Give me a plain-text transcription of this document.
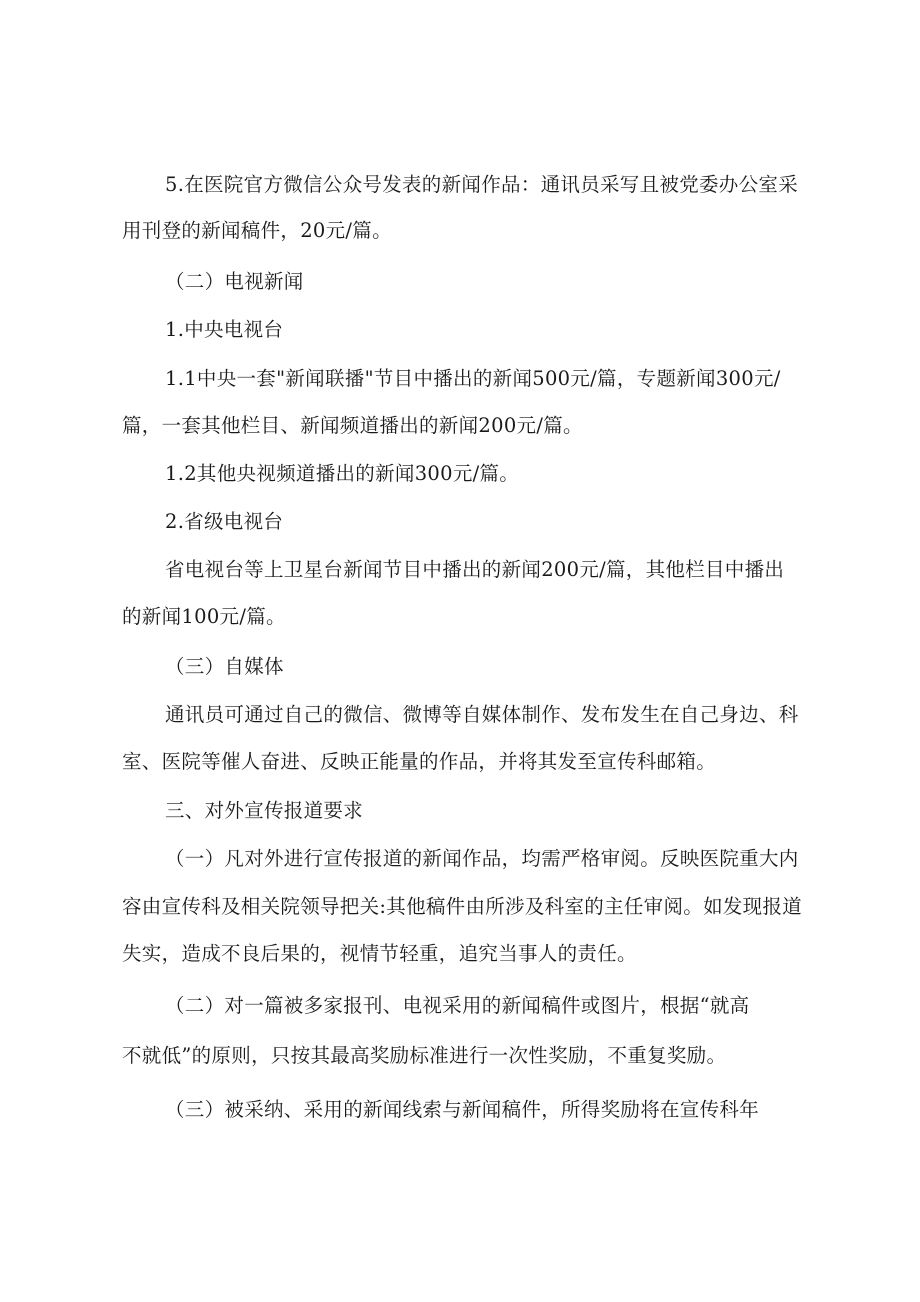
5.在医院官方微信公众号发表的新闻作品：通讯员采写且被党委办公室采
用刊登的新闻稿件，20元/篇。
（二）电视新闻
1.中央电视台
1.1中央一套"新闻联播"节目中播出的新闻500元/篇，专题新闻300元/
篇，一套其他栏目、新闻频道播出的新闻200元/篇。
1.2其他央视频道播出的新闻300元/篇。
2.省级电视台
省电视台等上卫星台新闻节目中播出的新闻200元/篇，其他栏目中播出
的新闻100元/篇。
（三）自媒体
通讯员可通过自己的微信、微博等自媒体制作、发布发生在自己身边、科
室、医院等催人奋进、反映正能量的作品，并将其发至宣传科邮箱。
三、对外宣传报道要求
（一）凡对外进行宣传报道的新闻作品，均需严格审阅。反映医院重大内
容由宣传科及相关院领导把关:其他稿件由所涉及科室的主任审阅。如发现报道
失实，造成不良后果的，视情节轻重，追究当事人的责任。
（二）对一篇被多家报刊、电视采用的新闻稿件或图片，根据“就高
不就低”的原则，只按其最高奖励标准进行一次性奖励，不重复奖励。
（三）被采纳、采用的新闻线索与新闻稿件，所得奖励将在宣传科年
